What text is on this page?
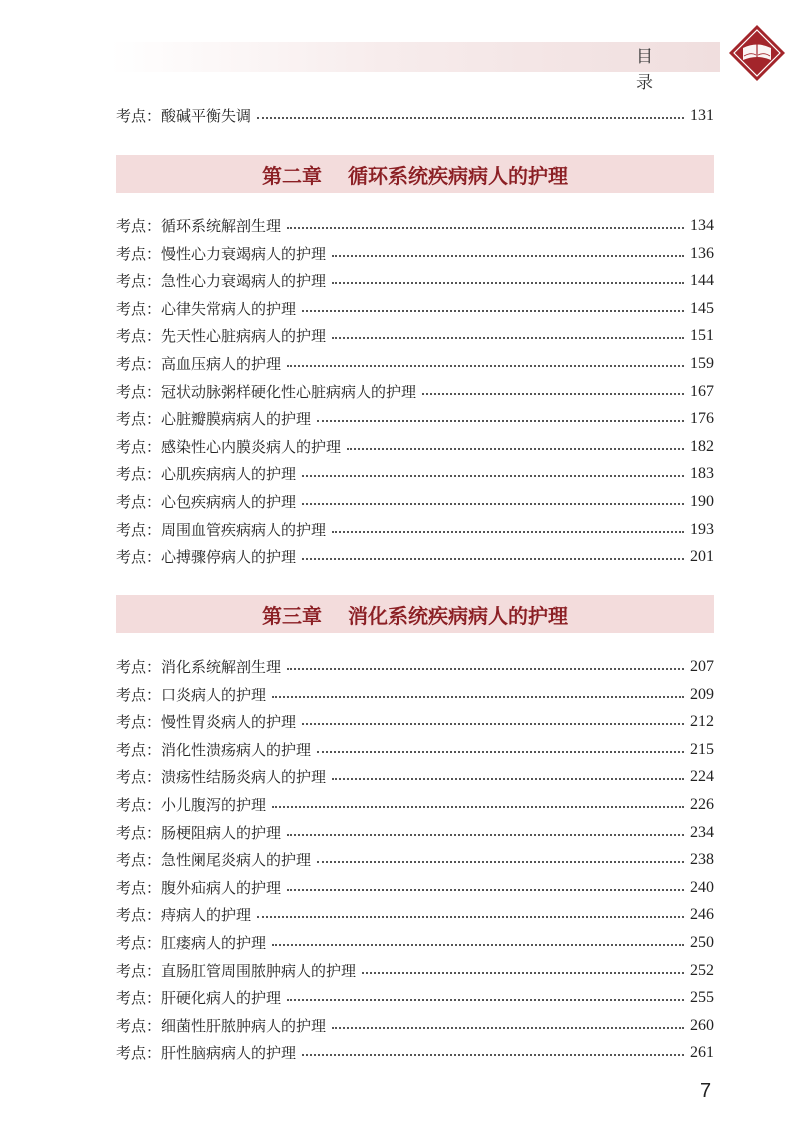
目 录
考点：酸碱平衡失调	131
第二章 循环系统疾病病人的护理
考点：循环系统解剖生理	134
考点：慢性心力衰竭病人的护理	136
考点：急性心力衰竭病人的护理	144
考点：心律失常病人的护理	145
考点：先天性心脏病病人的护理	151
考点：高血压病人的护理	159
考点：冠状动脉粥样硬化性心脏病病人的护理	167
考点：心脏瓣膜病病人的护理	176
考点：感染性心内膜炎病人的护理	182
考点：心肌疾病病人的护理	183
考点：心包疾病病人的护理	190
考点：周围血管疾病病人的护理	193
考点：心搏骤停病人的护理	201
第三章 消化系统疾病病人的护理
考点：消化系统解剖生理	207
考点：口炎病人的护理	209
考点：慢性胃炎病人的护理	212
考点：消化性溃疡病人的护理	215
考点：溃疡性结肠炎病人的护理	224
考点：小儿腹泻的护理	226
考点：肠梗阻病人的护理	234
考点：急性阑尾炎病人的护理	238
考点：腹外疝病人的护理	240
考点：痔病人的护理	246
考点：肛瘘病人的护理	250
考点：直肠肛管周围脓肿病人的护理	252
考点：肝硬化病人的护理	255
考点：细菌性肝脓肿病人的护理	260
考点：肝性脑病病人的护理	261
7
